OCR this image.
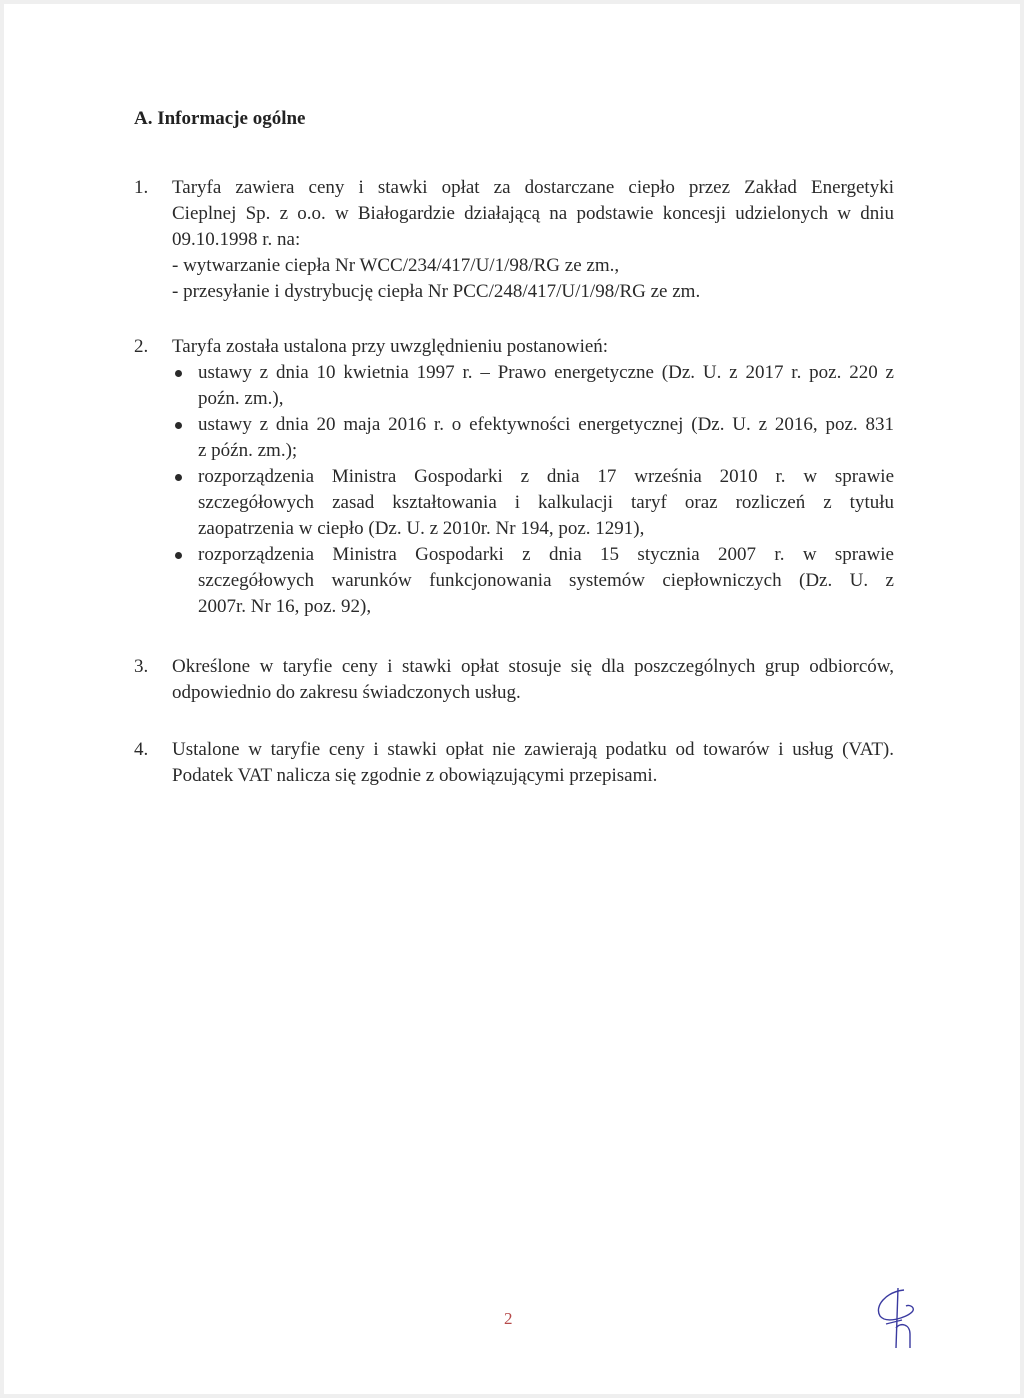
A. Informacje ogólne
1.	Taryfa zawiera ceny i stawki opłat za dostarczane ciepło przez Zakład Energetyki

Cieplnej Sp. z o.o. w Białogardzie działającą na podstawie koncesji udzielonych w dniu

09.10.1998 r. na:

- wytwarzanie ciepła Nr WCC/234/417/U/1/98/RG ze zm.,

- przesyłanie i dystrybucję ciepła Nr PCC/248/417/U/1/98/RG ze zm.

2.	Taryfa została ustalona przy uwzględnieniu postanowień:

ustawy z dnia 10 kwietnia 1997 r. – Prawo energetyczne (Dz. U. z 2017 r. poz. 220 z

poźn. zm.),

ustawy z dnia 20 maja 2016 r. o efektywności energetycznej (Dz. U. z 2016, poz. 831

z późn. zm.);

rozporządzenia Ministra Gospodarki z dnia 17 września 2010 r. w sprawie

szczegółowych zasad kształtowania i kalkulacji taryf oraz rozliczeń z tytułu

zaopatrzenia w ciepło (Dz. U. z 2010r. Nr 194, poz. 1291),

rozporządzenia Ministra Gospodarki z dnia 15 stycznia 2007 r. w sprawie

szczegółowych warunków funkcjonowania systemów ciepłowniczych (Dz. U. z

2007r. Nr 16, poz. 92),

3.	Określone w taryfie ceny i stawki opłat stosuje się dla poszczególnych grup odbiorców,

odpowiednio do zakresu świadczonych usług.

4.	Ustalone w taryfie ceny i stawki opłat nie zawierają podatku od towarów i usług (VAT).

Podatek VAT nalicza się zgodnie z obowiązującymi przepisami.

2
